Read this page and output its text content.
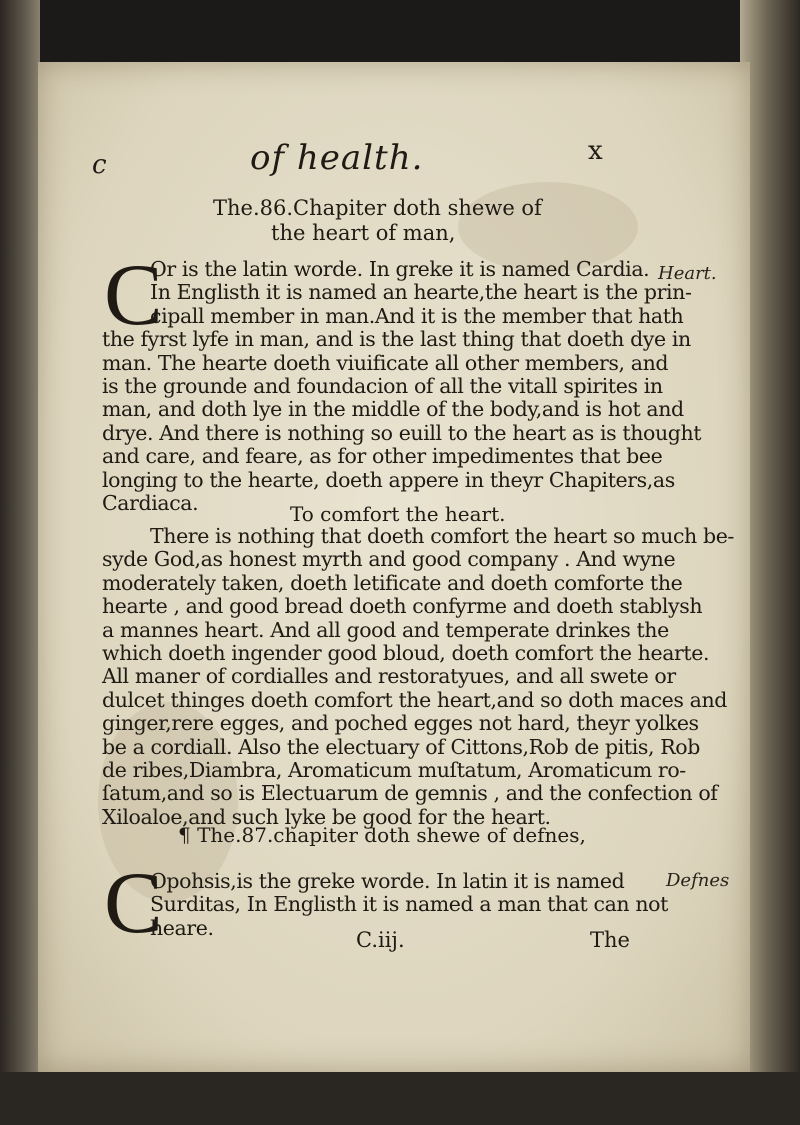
c	of health.	x
The.86.Chapiter doth shewe of
the heart of man,
C	Heart.
Or is the latin worde. In greke it is named Cardia.
In Englisth it is named an hearte,the heart is the prin-
cipall member in man.And it is the member that hath
the fyrst lyfe in man, and is the last thing that doeth dye in
man. The hearte doeth viuificate all other members, and
is the grounde and foundacion of all the vitall spirites in
man, and doth lye in the middle of the body,and is hot and
drye. And there is nothing so euill to the heart as is thought
and care, and feare, as for other impedimentes that bee
longing to the hearte, doeth appere in theyr Chapiters,as
Cardiaca.	To comfort the heart.
There is nothing that doeth comfort the heart so much be-
syde God,as honest myrth and good company . And wyne
moderately taken, doeth letificate and doeth comforte the
hearte , and good bread doeth confyrme and doeth stablysh
a mannes heart. And all good and temperate drinkes the
which doeth ingender good bloud, doeth comfort the hearte.
All maner of cordialles and restoratyues, and all swete or
dulcet thinges doeth comfort the heart,and so doth maces and
ginger,rere egges, and poched egges not hard, theyr yolkes
be a cordiall. Also the electuary of Cittons,Rob de pitis, Rob
de ribes,Diambra, Aromaticum muſtatum, Aromaticum ro-
ſatum,and so is Electuarum de gemnis , and the confection of
Xiloaloe,and such lyke be good for the heart.
¶ The.87.chapiter doth shewe of defnes,
C	Defnes
Opohsis,is the greke worde. In latin it is named
Surditas, In Englisth it is named a man that can not
heare.
C.iij.	The
